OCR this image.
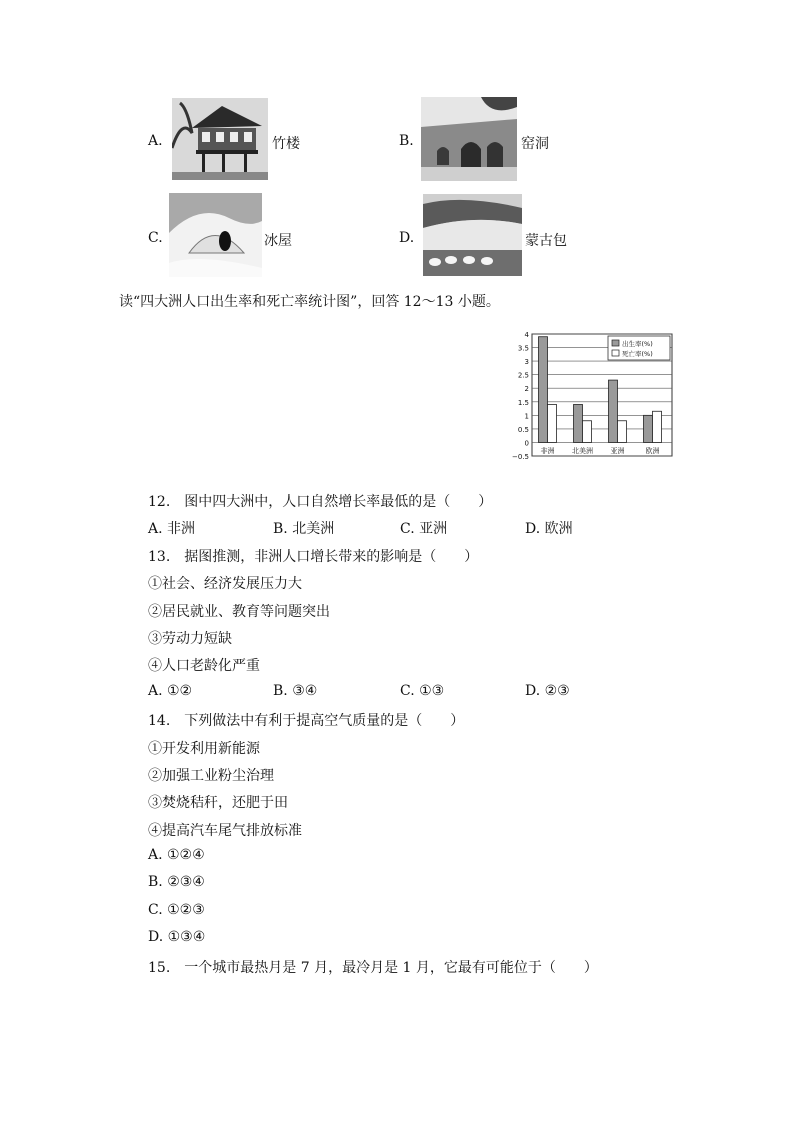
A.	竹楼	B.	窑洞
C.	冰屋	D.	蒙古包
读“四大洲人口出生率和死亡率统计图”，回答 12～13 小题。
4
3.5
3
2.5
2
1.5
1
0.5
0
−0.5
非洲	北美洲	亚洲	欧洲
出生率(%)
死亡率(%)
12.　图中四大洲中，人口自然增长率最低的是（　　）
A. 非洲	B. 北美洲	C. 亚洲	D. 欧洲
13.　据图推测，非洲人口增长带来的影响是（　　）
①社会、经济发展压力大
②居民就业、教育等问题突出
③劳动力短缺
④人口老龄化严重
A. ①②	B. ③④	C. ①③	D. ②③
14.　下列做法中有利于提高空气质量的是（　　）
①开发利用新能源
②加强工业粉尘治理
③焚烧秸秆，还肥于田
④提高汽车尾气排放标准
A. ①②④
B. ②③④
C. ①②③
D. ①③④
15.　一个城市最热月是 7 月，最冷月是 1 月，它最有可能位于（　　）
